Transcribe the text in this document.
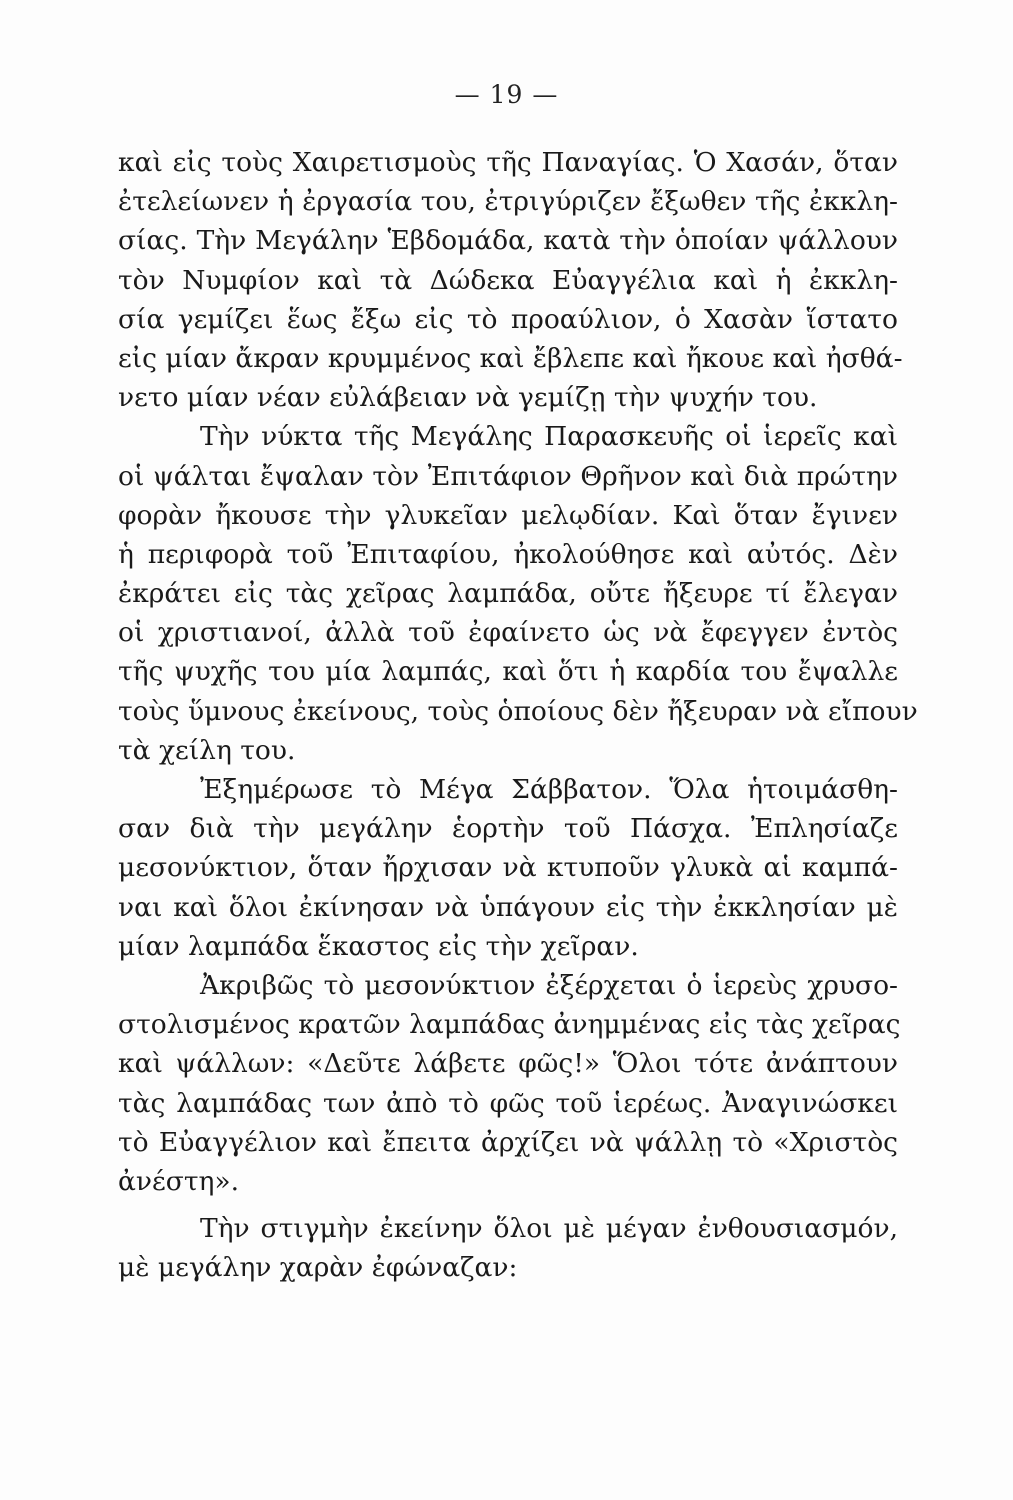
— 19 —
καὶ εἰς τοὺς Χαιρετισμοὺς τῆς Παναγίας. Ὁ Χασάν, ὅταν
ἐτελείωνεν ἡ ἐργασία του, ἐτριγύριζεν ἔξωθεν τῆς ἐκκλη-
σίας. Τὴν Μεγάλην Ἑβδομάδα, κατὰ τὴν ὁποίαν ψάλλουν
τὸν Νυμφίον καὶ τὰ Δώδεκα Εὐαγγέλια καὶ ἡ ἐκκλη-
σία γεμίζει ἕως ἔξω εἰς τὸ προαύλιον, ὁ Χασὰν ἵστατο
εἰς μίαν ἄκραν κρυμμένος καὶ ἔβλεπε καὶ ἤκουε καὶ ἠσθά-
νετο μίαν νέαν εὐλάβειαν νὰ γεμίζῃ τὴν ψυχήν του.
Τὴν νύκτα τῆς Μεγάλης Παρασκευῆς οἱ ἱερεῖς καὶ
οἱ ψάλται ἔψαλαν τὸν Ἐπιτάφιον Θρῆνον καὶ διὰ πρώτην
φορὰν ἤκουσε τὴν γλυκεῖαν μελῳδίαν. Καὶ ὅταν ἔγινεν
ἡ περιφορὰ τοῦ Ἐπιταφίου, ἠκολούθησε καὶ αὐτός. Δὲν
ἐκράτει εἰς τὰς χεῖρας λαμπάδα, οὔτε ἤξευρε τί ἔλεγαν
οἱ χριστιανοί, ἀλλὰ τοῦ ἐφαίνετο ὡς νὰ ἔφεγγεν ἐντὸς
τῆς ψυχῆς του μία λαμπάς, καὶ ὅτι ἡ καρδία του ἔψαλλε
τοὺς ὕμνους ἐκείνους, τοὺς ὁποίους δὲν ἤξευραν νὰ εἴπουν
τὰ χείλη του.
Ἐξημέρωσε τὸ Μέγα Σάββατον. Ὅλα ἡτοιμάσθη-
σαν διὰ τὴν μεγάλην ἑορτὴν τοῦ Πάσχα. Ἐπλησίαζε
μεσονύκτιον, ὅταν ἤρχισαν νὰ κτυποῦν γλυκὰ αἱ καμπά-
ναι καὶ ὅλοι ἐκίνησαν νὰ ὑπάγουν εἰς τὴν ἐκκλησίαν μὲ
μίαν λαμπάδα ἕκαστος εἰς τὴν χεῖραν.
Ἀκριβῶς τὸ μεσονύκτιον ἐξέρχεται ὁ ἱερεὺς χρυσο-
στολισμένος κρατῶν λαμπάδας ἀνημμένας εἰς τὰς χεῖρας
καὶ ψάλλων: «Δεῦτε λάβετε φῶς!» Ὅλοι τότε ἀνάπτουν
τὰς λαμπάδας των ἀπὸ τὸ φῶς τοῦ ἱερέως. Ἀναγινώσκει
τὸ Εὐαγγέλιον καὶ ἔπειτα ἀρχίζει νὰ ψάλλῃ τὸ «Χριστὸς
ἀνέστη».
Τὴν στιγμὴν ἐκείνην ὅλοι μὲ μέγαν ἐνθουσιασμόν,
μὲ μεγάλην χαρὰν ἐφώναζαν:
